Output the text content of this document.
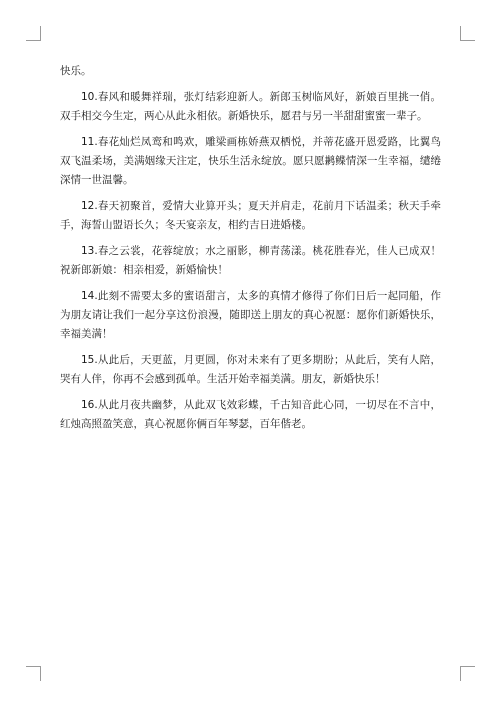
快乐。

10.春风和暖舞祥瑞，张灯结彩迎新人。新郎玉树临风好，新娘百里挑一俏。双手相交今生定，两心从此永相依。新婚快乐，愿君与另一半甜甜蜜蜜一辈子。

11.春花灿烂凤鸾和鸣欢，雕梁画栋娇燕双栖悦，并蒂花盛开恩爱路，比翼鸟双飞温柔场，美满姻缘天注定，快乐生活永绽放。愿只愿鹣鲽情深一生幸福，缱绻深情一世温馨。

12.春天初聚首，爱情大业算开头；夏天并肩走，花前月下话温柔；秋天手牵手，海誓山盟语长久；冬天宴亲友，相约吉日进婚楼。

13.春之云裳，花蓉绽放；水之丽影，柳青荡漾。桃花胜春光，佳人已成双！祝新郎新娘：相亲相爱，新婚愉快！

14.此刻不需要太多的蜜语甜言，太多的真情才修得了你们日后一起同船，作为朋友请让我们一起分享这份浪漫，随即送上朋友的真心祝愿：愿你们新婚快乐，幸福美满！

15.从此后，天更蓝，月更圆，你对未来有了更多期盼；从此后，笑有人陪，哭有人伴，你再不会感到孤单。生活开始幸福美满。朋友，新婚快乐！

16.从此月夜共幽梦，从此双飞效彩蝶，千古知音此心同，一切尽在不言中，红烛高照盈笑意，真心祝愿你俩百年琴瑟，百年偕老。
